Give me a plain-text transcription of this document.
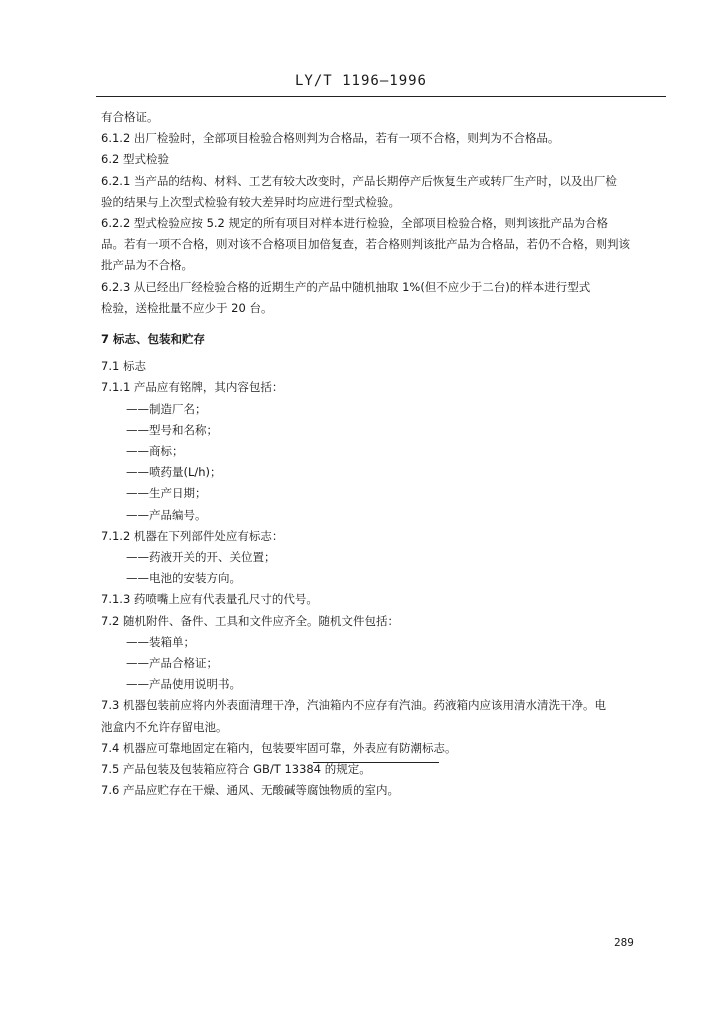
LY/T 1196—1996
有合格证。
6.1.2 出厂检验时，全部项目检验合格则判为合格品，若有一项不合格，则判为不合格品。
6.2 型式检验
6.2.1 当产品的结构、材料、工艺有较大改变时，产品长期停产后恢复生产或转厂生产时，以及出厂检
验的结果与上次型式检验有较大差异时均应进行型式检验。
6.2.2 型式检验应按 5.2 规定的所有项目对样本进行检验，全部项目检验合格，则判该批产品为合格
品。若有一项不合格，则对该不合格项目加倍复查，若合格则判该批产品为合格品，若仍不合格，则判该
批产品为不合格。
6.2.3 从已经出厂经检验合格的近期生产的产品中随机抽取 1%(但不应少于二台)的样本进行型式
检验，送检批量不应少于 20 台。
7 标志、包装和贮存
7.1 标志
7.1.1 产品应有铭牌，其内容包括：
——制造厂名；
——型号和名称；
——商标；
——喷药量(L/h)；
——生产日期；
——产品编号。
7.1.2 机器在下列部件处应有标志：
——药液开关的开、关位置；
——电池的安装方向。
7.1.3 药喷嘴上应有代表量孔尺寸的代号。
7.2 随机附件、备件、工具和文件应齐全。随机文件包括：
——装箱单；
——产品合格证；
——产品使用说明书。
7.3 机器包装前应将内外表面清理干净，汽油箱内不应存有汽油。药液箱内应该用清水清洗干净。电
池盒内不允许存留电池。
7.4 机器应可靠地固定在箱内，包装要牢固可靠，外表应有防潮标志。
7.5 产品包装及包装箱应符合 GB/T 13384 的规定。
7.6 产品应贮存在干燥、通风、无酸碱等腐蚀物质的室内。
289
